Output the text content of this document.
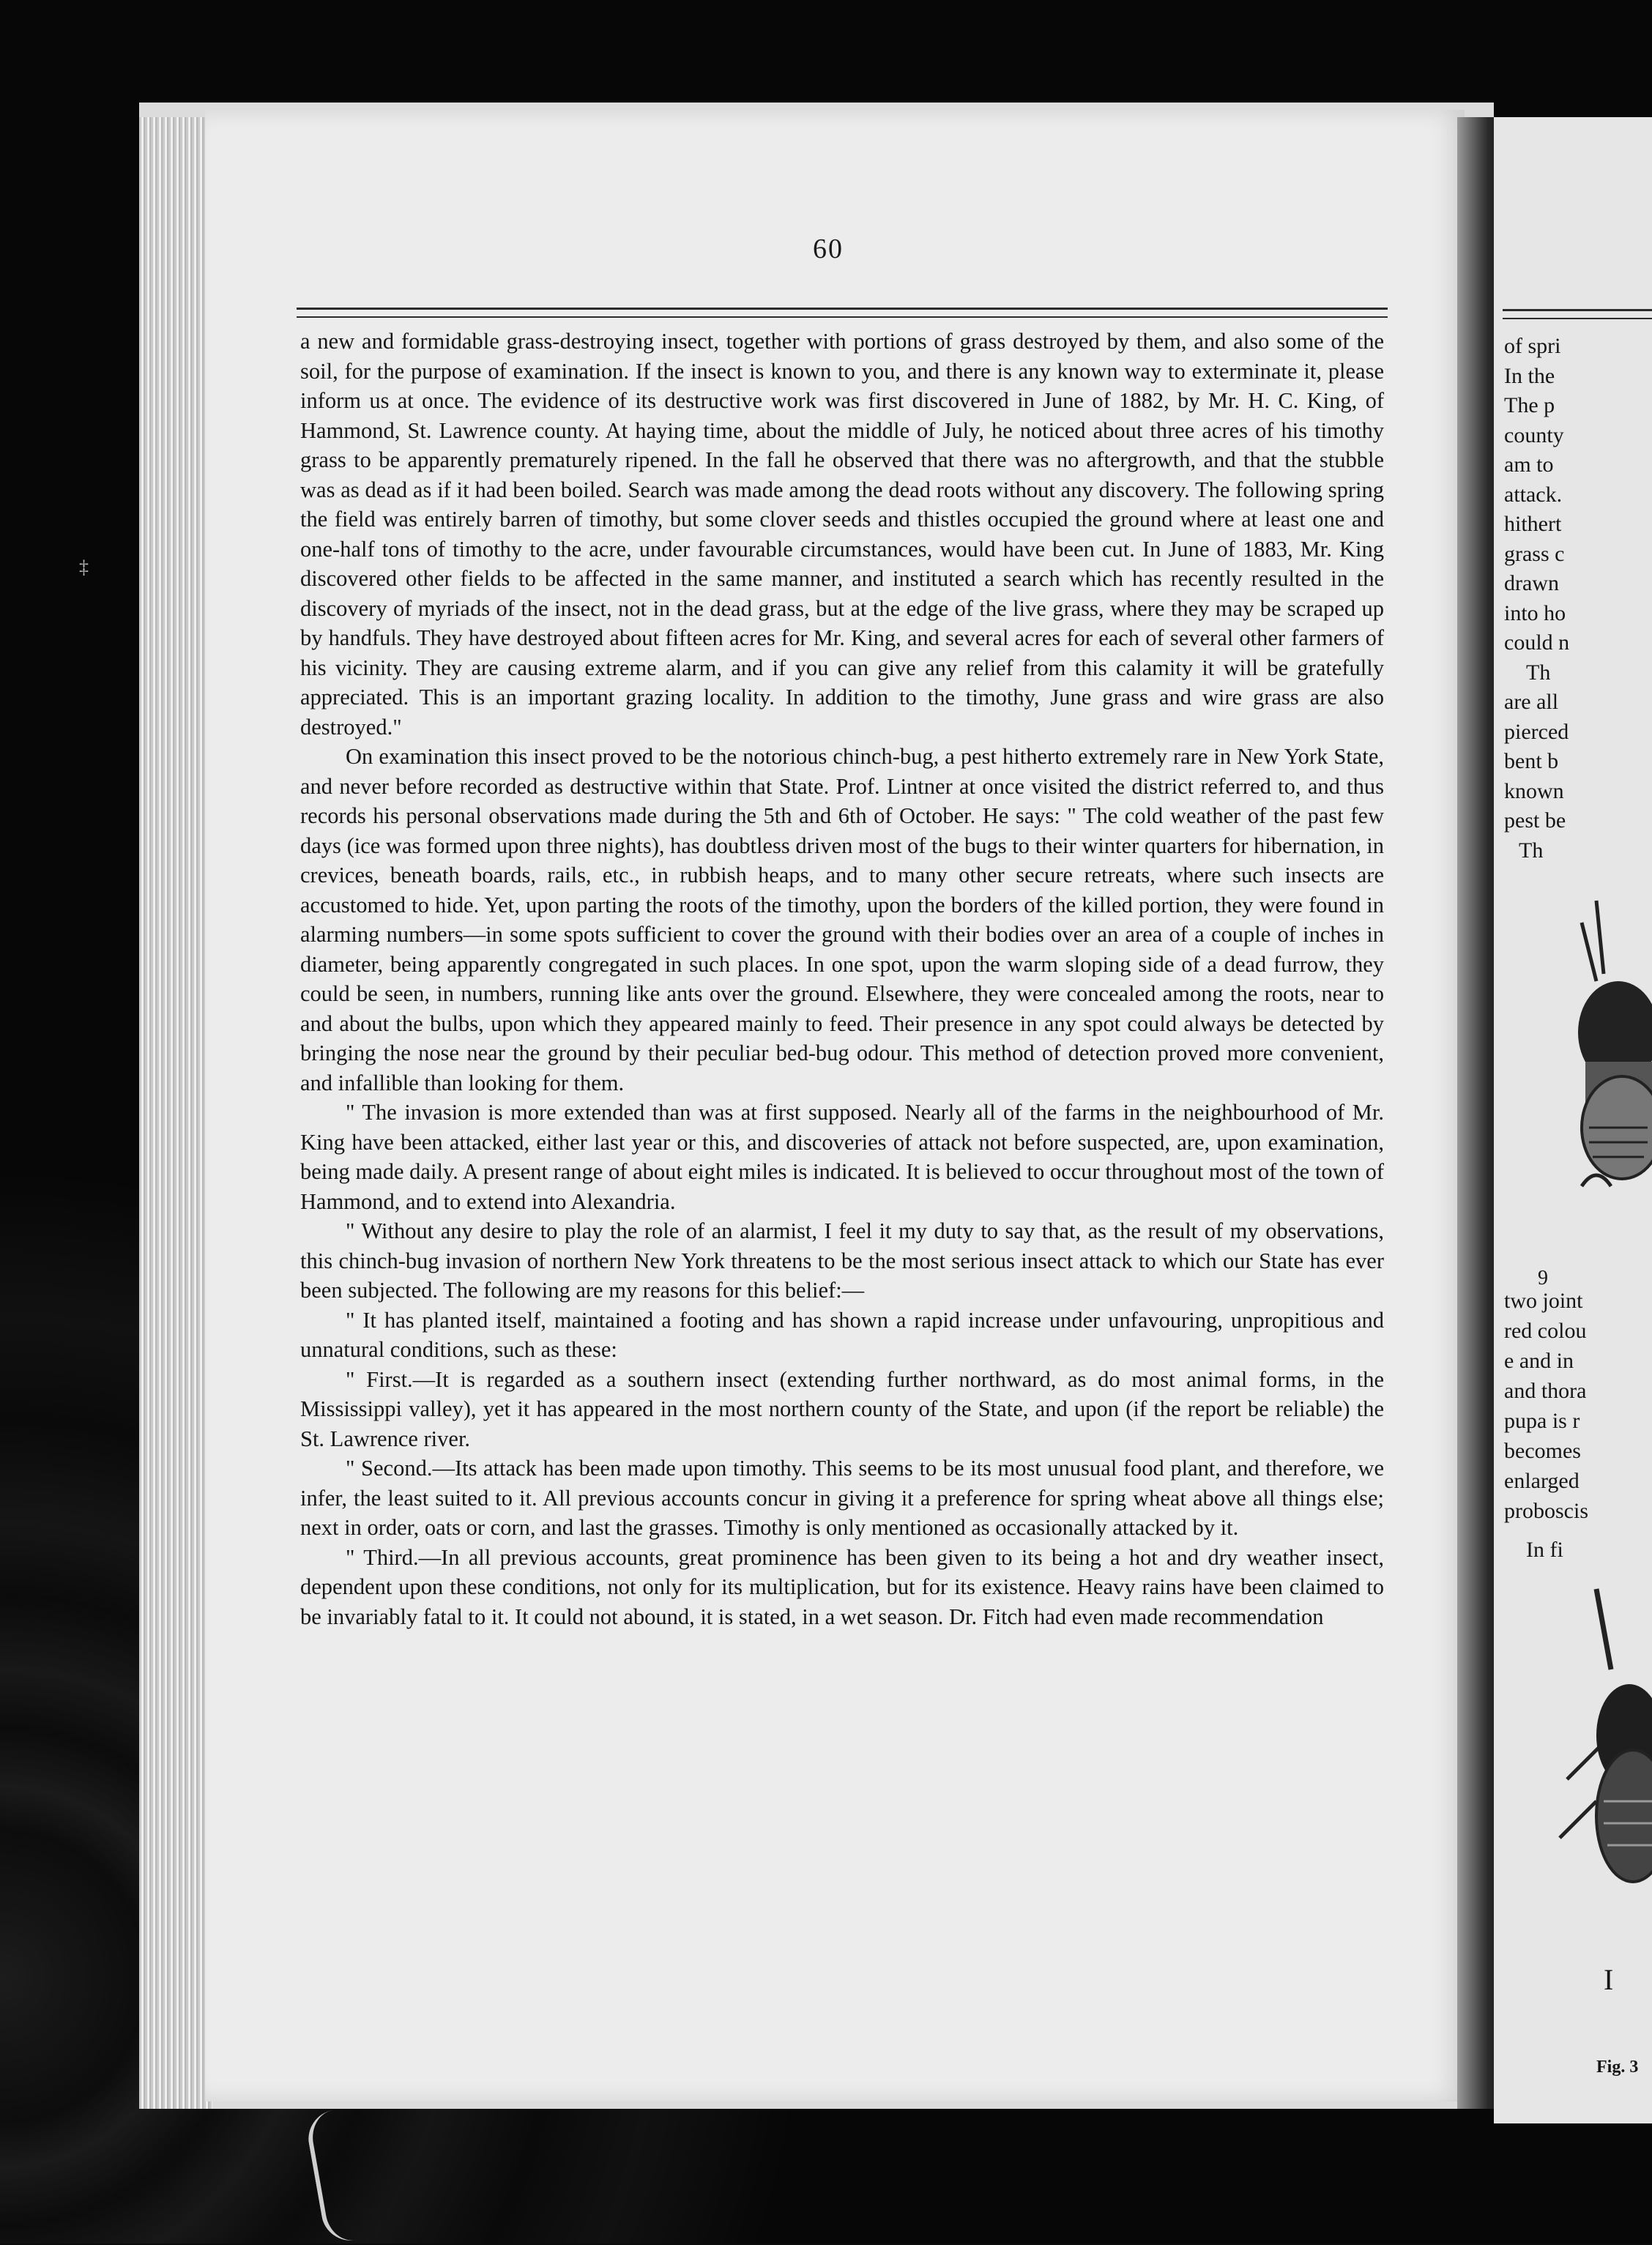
‡
60

a new and formidable grass-destroying insect, together with portions of grass destroyed by them, and also some of the soil, for the purpose of examination. If the insect is known to you, and there is any known way to exterminate it, please inform us at once. The evidence of its destructive work was first discovered in June of 1882, by Mr. H. C. King, of Hammond, St. Lawrence county. At haying time, about the middle of July, he noticed about three acres of his timothy grass to be apparently prematurely ripened. In the fall he observed that there was no aftergrowth, and that the stubble was as dead as if it had been boiled. Search was made among the dead roots without any discovery. The following spring the field was entirely barren of timothy, but some clover seeds and thistles occupied the ground where at least one and one-half tons of timothy to the acre, under favourable circumstances, would have been cut. In June of 1883, Mr. King discovered other fields to be affected in the same manner, and instituted a search which has recently resulted in the discovery of myriads of the insect, not in the dead grass, but at the edge of the live grass, where they may be scraped up by handfuls. They have destroyed about fifteen acres for Mr. King, and several acres for each of several other farmers of his vicinity. They are causing extreme alarm, and if you can give any relief from this calamity it will be gratefully appreciated. This is an important grazing locality. In addition to the timothy, June grass and wire grass are also destroyed."

On examination this insect proved to be the notorious chinch-bug, a pest hitherto extremely rare in New York State, and never before recorded as destructive within that State. Prof. Lintner at once visited the district referred to, and thus records his personal observations made during the 5th and 6th of October. He says: " The cold weather of the past few days (ice was formed upon three nights), has doubtless driven most of the bugs to their winter quarters for hibernation, in crevices, beneath boards, rails, etc., in rubbish heaps, and to many other secure retreats, where such insects are accustomed to hide. Yet, upon parting the roots of the timothy, upon the borders of the killed portion, they were found in alarming numbers—in some spots sufficient to cover the ground with their bodies over an area of a couple of inches in diameter, being apparently congregated in such places. In one spot, upon the warm sloping side of a dead furrow, they could be seen, in numbers, running like ants over the ground. Elsewhere, they were concealed among the roots, near to and about the bulbs, upon which they appeared mainly to feed. Their presence in any spot could always be detected by bringing the nose near the ground by their peculiar bed-bug odour. This method of detection proved more convenient, and infallible than looking for them.

" The invasion is more extended than was at first supposed. Nearly all of the farms in the neighbourhood of Mr. King have been attacked, either last year or this, and discoveries of attack not before suspected, are, upon examination, being made daily. A present range of about eight miles is indicated. It is believed to occur throughout most of the town of Hammond, and to extend into Alexandria.

" Without any desire to play the role of an alarmist, I feel it my duty to say that, as the result of my observations, this chinch-bug invasion of northern New York threatens to be the most serious insect attack to which our State has ever been subjected. The following are my reasons for this belief:—

" It has planted itself, maintained a footing and has shown a rapid increase under unfavouring, unpropitious and unnatural conditions, such as these:

" First.—It is regarded as a southern insect (extending further northward, as do most animal forms, in the Mississippi valley), yet it has appeared in the most northern county of the State, and upon (if the report be reliable) the St. Lawrence river.

" Second.—Its attack has been made upon timothy. This seems to be its most unusual food plant, and therefore, we infer, the least suited to it. All previous accounts concur in giving it a preference for spring wheat above all things else; next in order, oats or corn, and last the grasses. Timothy is only mentioned as occasionally attacked by it.

" Third.—In all previous accounts, great prominence has been given to its being a hot and dry weather insect, dependent upon these conditions, not only for its multiplication, but for its existence. Heavy rains have been claimed to be invariably fatal to it. It could not abound, it is stated, in a wet season. Dr. Fitch had even made recommendation

9
I
Fig. 3
of spri
In the
The p
county
am to
attack.
hithert
grass c
drawn
into ho
could n
Th
are all
pierced
bent b
known
pest be
Th
two joint
red colou
e and in
and thora
pupa is r
becomes
enlarged
proboscis
In fi
